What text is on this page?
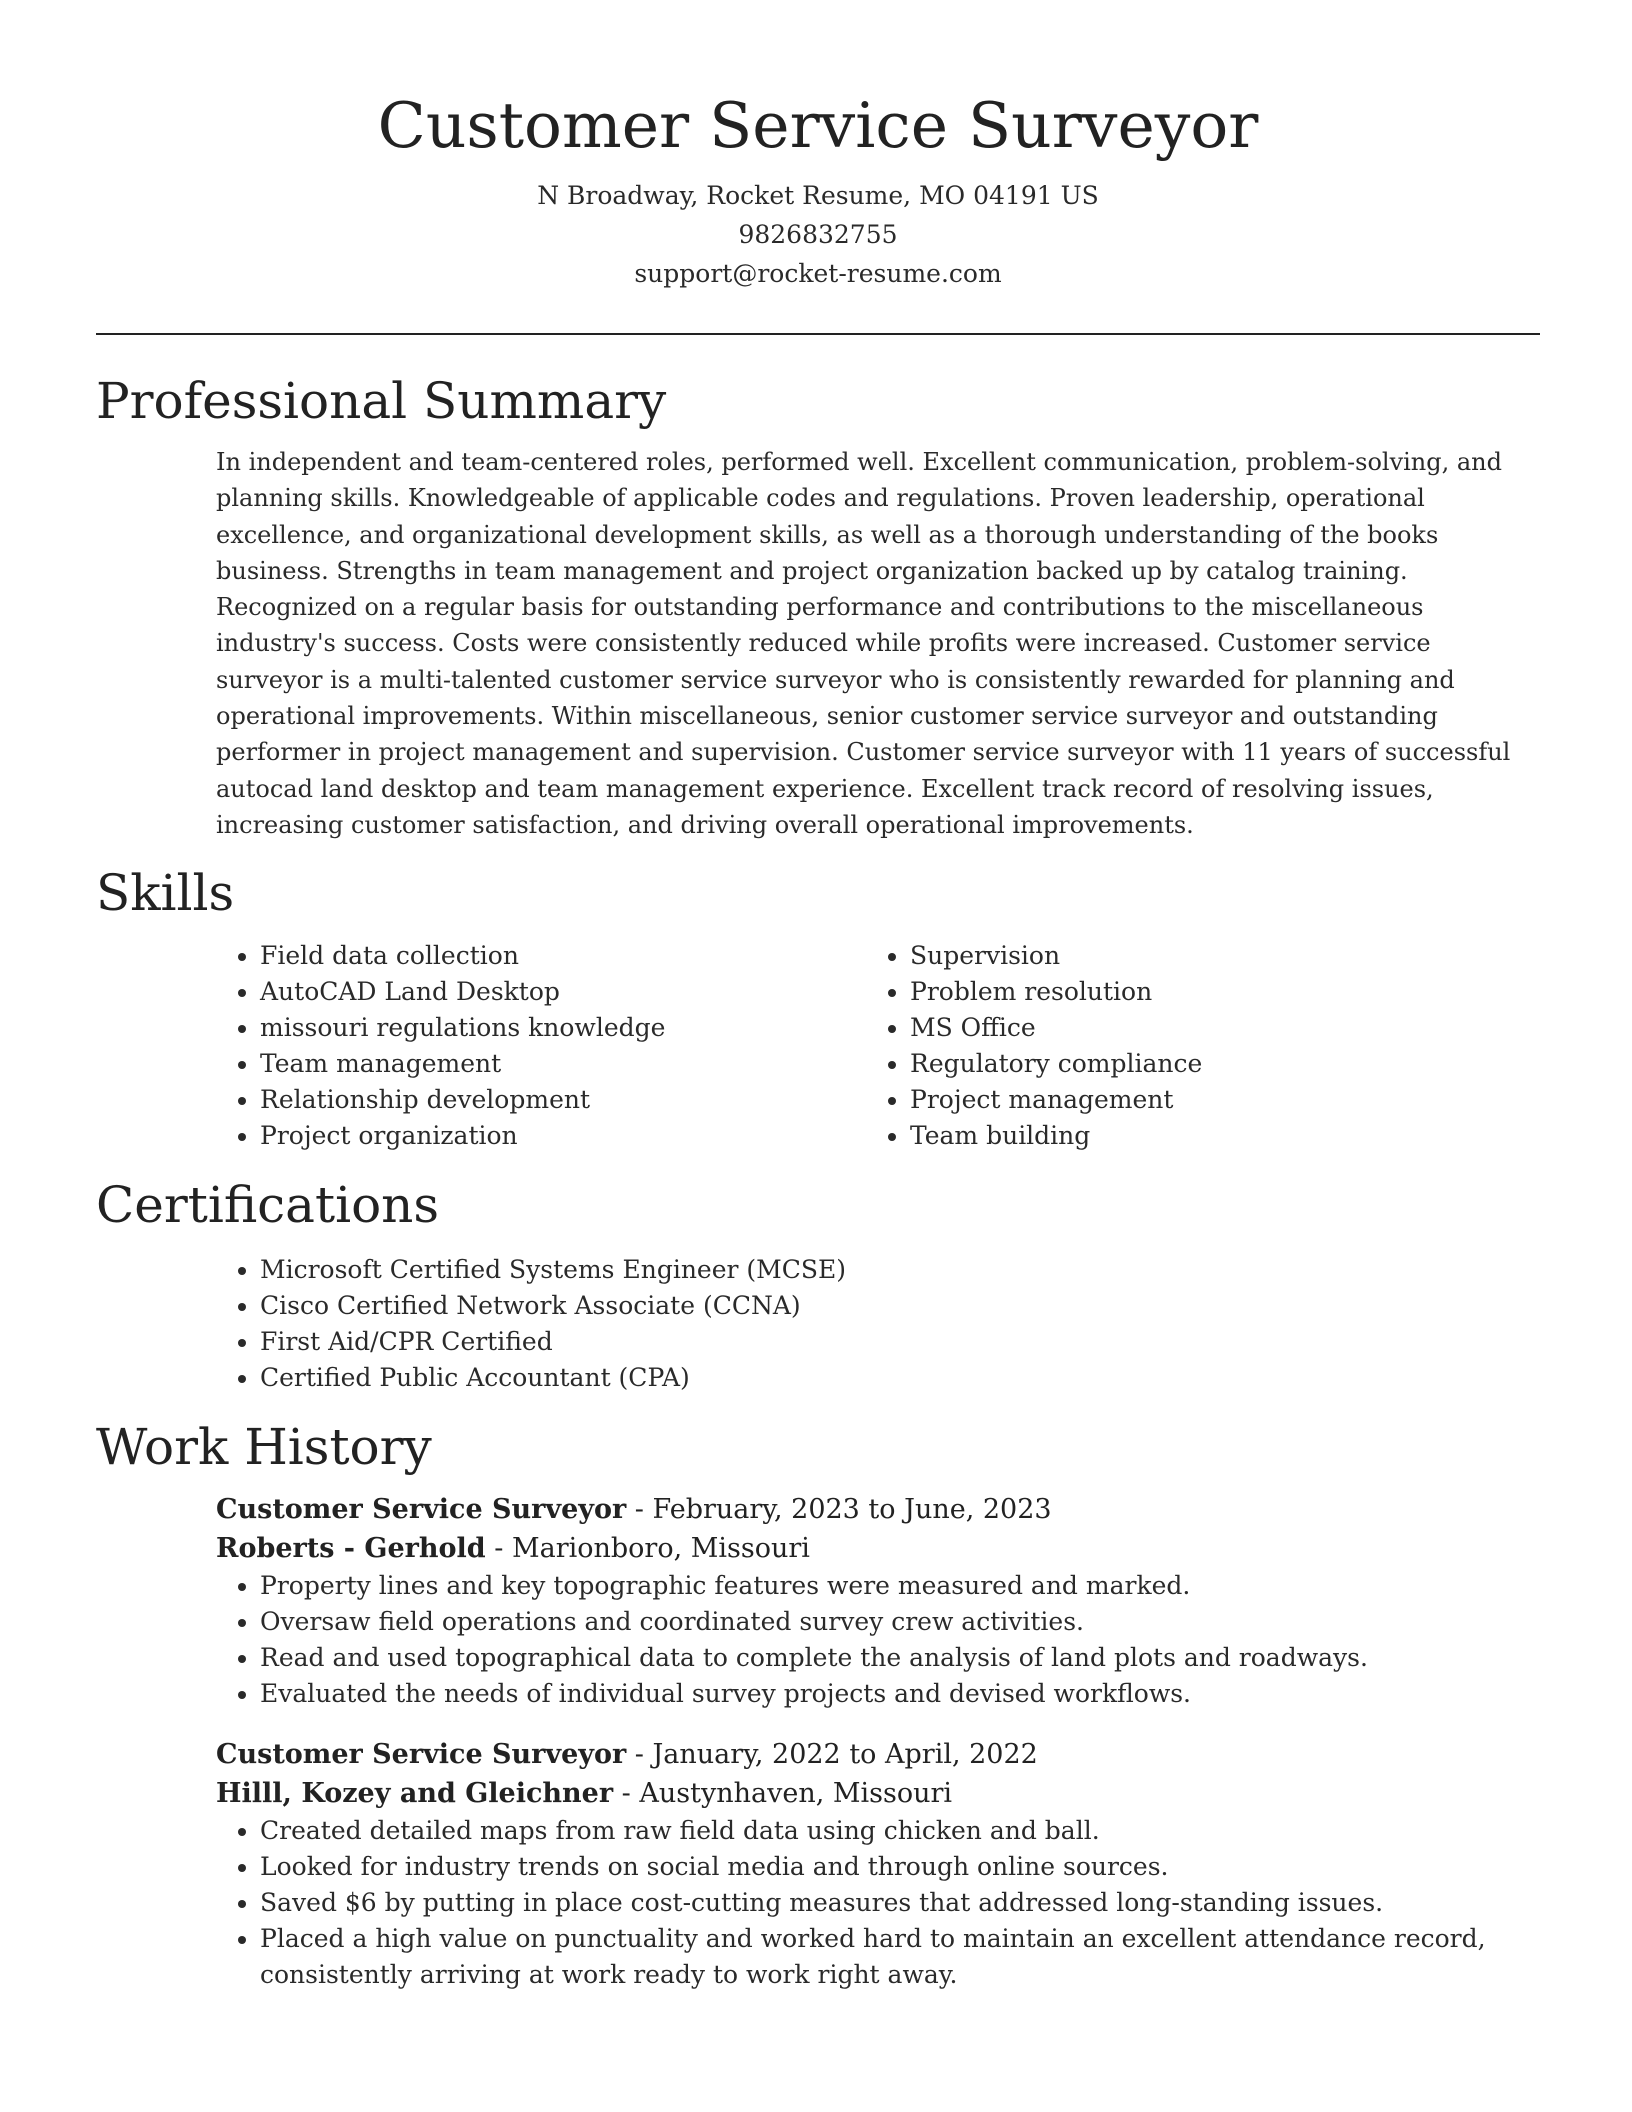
Customer Service Surveyor
N Broadway, Rocket Resume, MO 04191 US
9826832755
support@rocket-resume.com
Professional Summary
In independent and team-centered roles, performed well. Excellent communication, problem-solving, and planning skills. Knowledgeable of applicable codes and regulations. Proven leadership, operational excellence, and organizational development skills, as well as a thorough understanding of the books business. Strengths in team management and project organization backed up by catalog training. Recognized on a regular basis for outstanding performance and contributions to the miscellaneous industry's success. Costs were consistently reduced while profits were increased. Customer service surveyor is a multi-talented customer service surveyor who is consistently rewarded for planning and operational improvements. Within miscellaneous, senior customer service surveyor and outstanding performer in project management and supervision. Customer service surveyor with 11 years of successful autocad land desktop and team management experience. Excellent track record of resolving issues, increasing customer satisfaction, and driving overall operational improvements.
Skills
• Field data collection
• AutoCAD Land Desktop
• missouri regulations knowledge
• Team management
• Relationship development
• Project organization
• Supervision
• Problem resolution
• MS Office
• Regulatory compliance
• Project management
• Team building
Certifications
• Microsoft Certified Systems Engineer (MCSE)
• Cisco Certified Network Associate (CCNA)
• First Aid/CPR Certified
• Certified Public Accountant (CPA)
Work History
Customer Service Surveyor - February, 2023 to June, 2023
Roberts - Gerhold - Marionboro, Missouri
• Property lines and key topographic features were measured and marked.
• Oversaw field operations and coordinated survey crew activities.
• Read and used topographical data to complete the analysis of land plots and roadways.
• Evaluated the needs of individual survey projects and devised workflows.
Customer Service Surveyor - January, 2022 to April, 2022
Hilll, Kozey and Gleichner - Austynhaven, Missouri
• Created detailed maps from raw field data using chicken and ball.
• Looked for industry trends on social media and through online sources.
• Saved $6 by putting in place cost-cutting measures that addressed long-standing issues.
• Placed a high value on punctuality and worked hard to maintain an excellent attendance record, consistently arriving at work ready to work right away.
